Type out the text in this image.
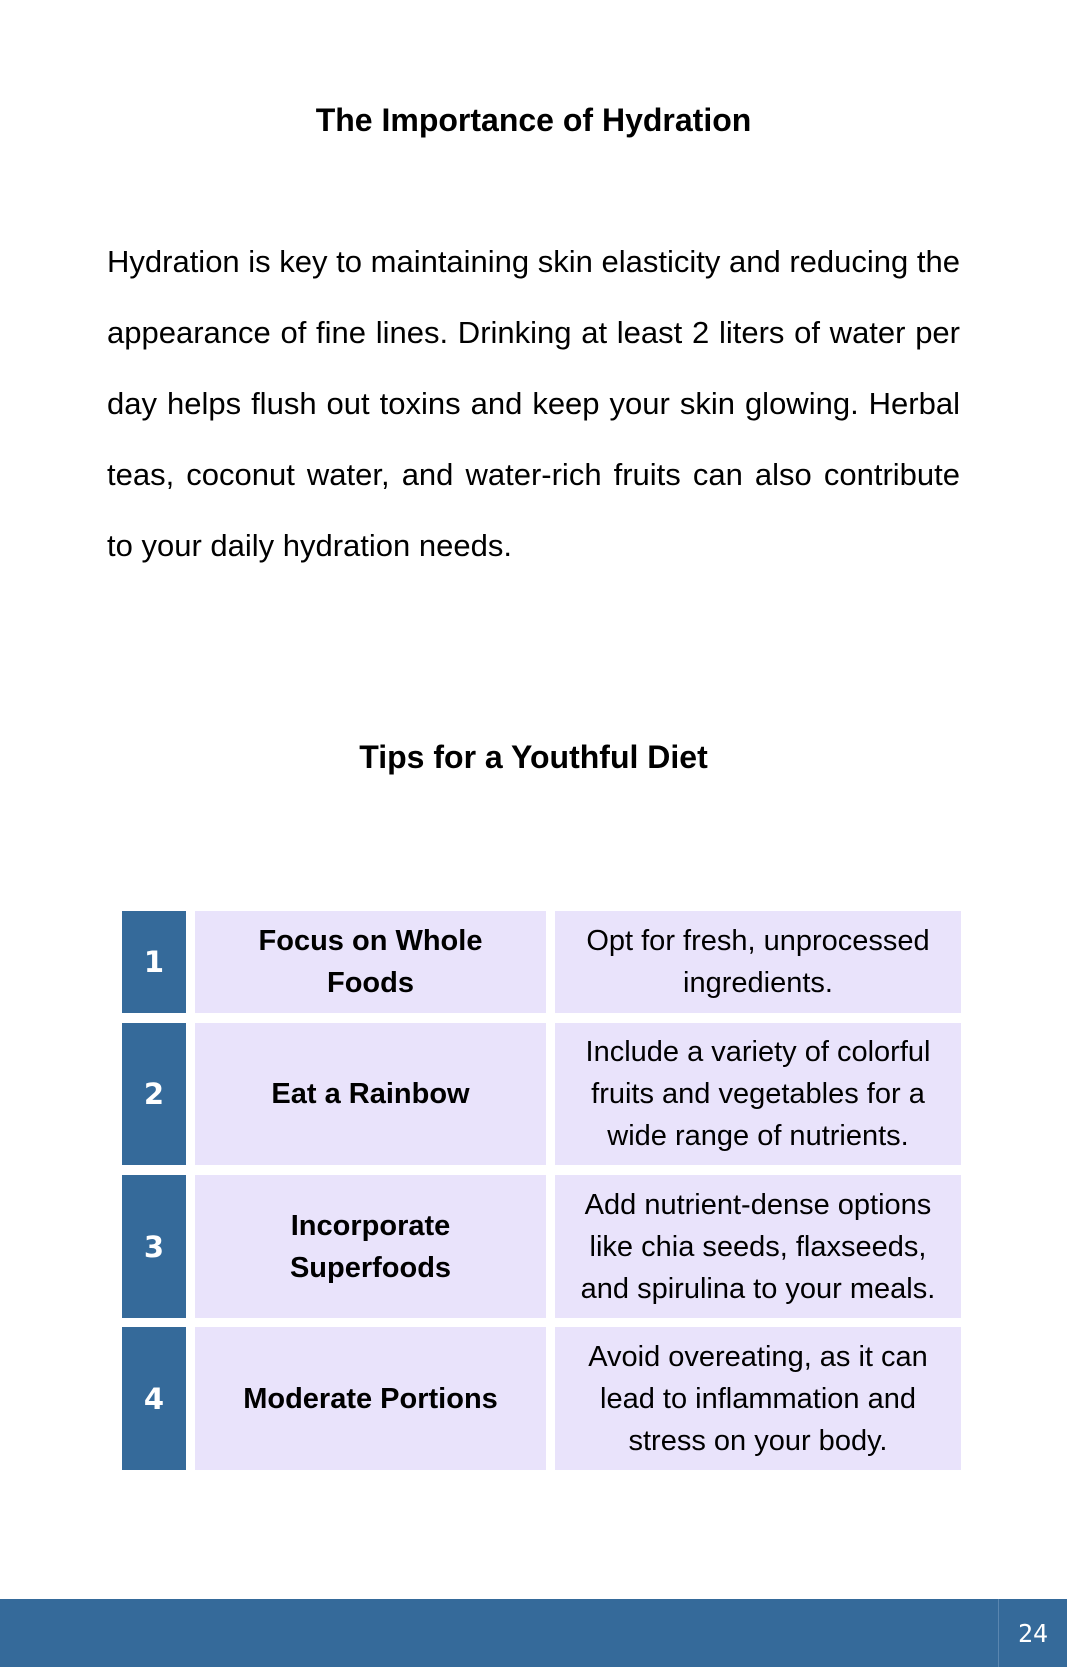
The Importance of Hydration

Hydration is key to maintaining skin elasticity and reducing the appearance of fine lines. Drinking at least 2 liters of water per day helps flush out toxins and keep your skin glowing. Herbal teas, coconut water, and water-rich fruits can also contribute to your daily hydration needs.

Tips for a Youthful Diet
1
Focus on Whole Foods
Opt for fresh, unprocessed ingredients.
2	Eat a Rainbow
Include a variety of colorful fruits and vegetables for a wide range of nutrients.
3
Incorporate Superfoods
Add nutrient-dense options like chia seeds, flaxseeds, and spirulina to your meals.
4	Moderate Portions
Avoid overeating, as it can lead to inflammation and stress on your body.
24
